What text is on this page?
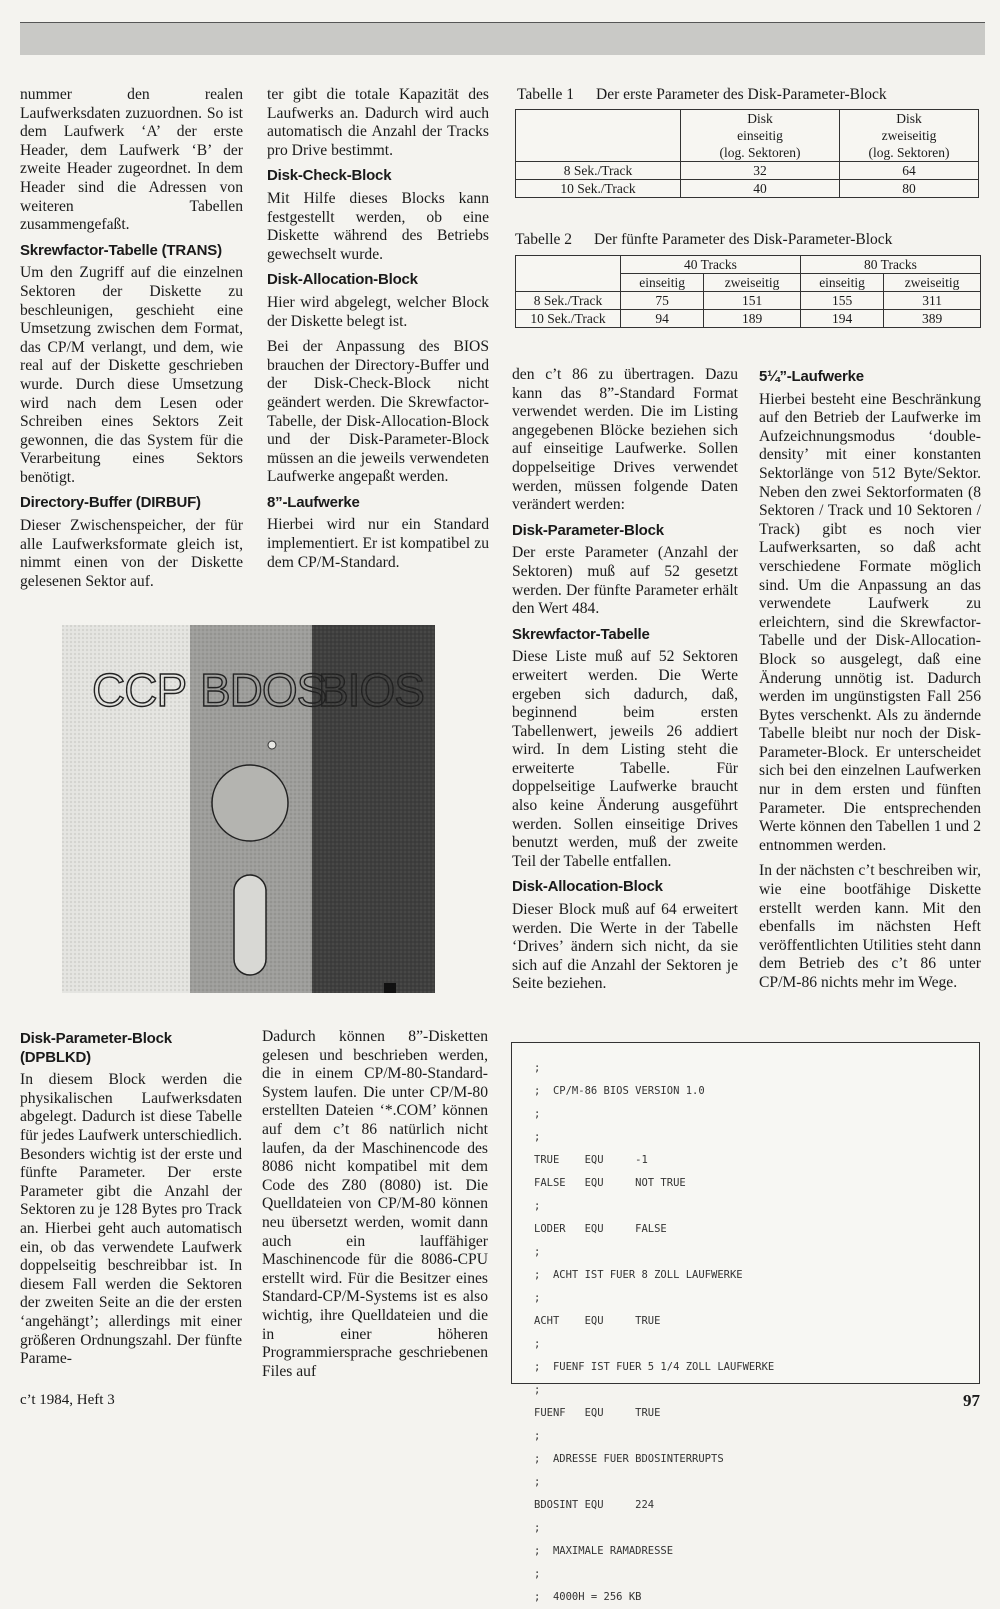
nummer den realen Laufwerksdaten zuzuordnen. So ist dem Laufwerk ‘A’ der erste Header, dem Laufwerk ‘B’ der zweite Header zugeordnet. In dem Header sind die Adressen von weiteren Tabellen zusammengefaßt.

Skrewfactor-Tabelle (TRANS)

Um den Zugriff auf die einzelnen Sektoren der Diskette zu beschleunigen, geschieht eine Umsetzung zwischen dem Format, das CP/M verlangt, und dem, wie real auf der Diskette geschrieben wurde. Durch diese Umsetzung wird nach dem Lesen oder Schreiben eines Sektors Zeit gewonnen, die das System für die Verarbeitung eines Sektors benötigt.

Directory-Buffer (DIRBUF)

Dieser Zwischenspeicher, der für alle Laufwerksformate gleich ist, nimmt einen von der Diskette gelesenen Sektor auf.

ter gibt die totale Kapazität des Laufwerks an. Dadurch wird auch automatisch die Anzahl der Tracks pro Drive bestimmt.

Disk-Check-Block

Mit Hilfe dieses Blocks kann festgestellt werden, ob eine Diskette während des Betriebs gewechselt wurde.

Disk-Allocation-Block

Hier wird abgelegt, welcher Block der Diskette belegt ist.

Bei der Anpassung des BIOS brauchen der Directory-Buffer und der Disk-Check-Block nicht geändert werden. Die Skrewfactor-Tabelle, der Disk-Allocation-Block und der Disk-Parameter-Block müssen an die jeweils verwendeten Laufwerke angepaßt werden.

8”-Laufwerke

Hierbei wird nur ein Standard implementiert. Er ist kompatibel zu dem CP/M-Standard.

den c’t 86 zu übertragen. Dazu kann das 8”-Standard Format verwendet werden. Die im Listing angegebenen Blöcke beziehen sich auf einseitige Laufwerke. Sollen doppelseitige Drives verwendet werden, müssen folgende Daten verändert werden:

Disk-Parameter-Block

Der erste Parameter (Anzahl der Sektoren) muß auf 52 gesetzt werden. Der fünfte Parameter erhält den Wert 484.

Skrewfactor-Tabelle

Diese Liste muß auf 52 Sektoren erweitert werden. Die Werte ergeben sich dadurch, daß, beginnend beim ersten Tabellenwert, jeweils 26 addiert wird. In dem Listing steht die erweiterte Tabelle. Für doppelseitige Laufwerke braucht also keine Änderung ausgeführt werden. Sollen einseitige Drives benutzt werden, muß der zweite Teil der Tabelle entfallen.

Disk-Allocation-Block

Dieser Block muß auf 64 erweitert werden. Die Werte in der Tabelle ‘Drives’ ändern sich nicht, da sie sich auf die Anzahl der Sektoren je Seite beziehen.

5¼”-Laufwerke

Hierbei besteht eine Beschränkung auf den Betrieb der Laufwerke im Aufzeichnungsmodus ‘double-density’ mit einer konstanten Sektorlänge von 512 Byte/Sektor. Neben den zwei Sektorformaten (8 Sektoren / Track und 10 Sektoren / Track) gibt es noch vier Laufwerksarten, so daß acht verschiedene Formate möglich sind. Um die Anpassung an das verwendete Laufwerk zu erleichtern, sind die Skrewfactor-Tabelle und der Disk-Allocation-Block so ausgelegt, daß eine Änderung unnötig ist. Dadurch werden im ungünstigsten Fall 256 Bytes verschenkt. Als zu ändernde Tabelle bleibt nur noch der Disk-Parameter-Block. Er unterscheidet sich bei den einzelnen Laufwerken nur in dem ersten und fünften Parameter. Die entsprechenden Werte können den Tabellen 1 und 2 entnommen werden.

In der nächsten c’t beschreiben wir, wie eine bootfähige Diskette erstellt werden kann. Mit den ebenfalls im nächsten Heft veröffentlichten Utilities steht dann dem Betrieb des c’t 86 unter CP/M-86 nichts mehr im Wege.

Disk-Parameter-Block (DPBLKD)

In diesem Block werden die physikalischen Laufwerksdaten abgelegt. Dadurch ist diese Tabelle für jedes Laufwerk unterschiedlich. Besonders wichtig ist der erste und fünfte Parameter. Der erste Parameter gibt die Anzahl der Sektoren zu je 128 Bytes pro Track an. Hierbei geht auch automatisch ein, ob das verwendete Laufwerk doppelseitig beschreibbar ist. In diesem Fall werden die Sektoren der zweiten Seite an die der ersten ‘angehängt’; allerdings mit einer größeren Ordnungszahl. Der fünfte Parame-

Dadurch können 8”-Disketten gelesen und beschrieben werden, die in einem CP/M-80-Standard-System laufen. Die unter CP/M-80 erstellten Dateien ‘*.COM’ können auf dem c’t 86 natürlich nicht laufen, da der Maschinencode des 8086 nicht kompatibel mit dem Code des Z80 (8080) ist. Die Quelldateien von CP/M-80 können neu übersetzt werden, womit dann auch ein lauffähiger Maschinencode für die 8086-CPU erstellt wird. Für die Besitzer eines Standard-CP/M-Systems ist es also wichtig, ihre Quelldateien und die in einer höheren Programmiersprache geschriebenen Files auf

Tabelle 1 Der erste Parameter des Disk-Parameter-Block
	Disk
einseitig
(log. Sektoren)	Disk
zweiseitig
(log. Sektoren)
8 Sek./Track	32	64
10 Sek./Track	40	80
Tabelle 2 Der fünfte Parameter des Disk-Parameter-Block
	40 Tracks		80 Tracks	
	einseitig	zweiseitig	einseitig	zweiseitig
8 Sek./Track	75	151	155	311
10 Sek./Track	94	189	194	389
CCP BDOS
BIOS
;
;  CP/M-86 BIOS VERSION 1.0
;
;
TRUE    EQU     -1
FALSE   EQU     NOT TRUE
;
LODER   EQU     FALSE
;
;  ACHT IST FUER 8 ZOLL LAUFWERKE
;
ACHT    EQU     TRUE
;
;  FUENF IST FUER 5 1/4 ZOLL LAUFWERKE
;
FUENF   EQU     TRUE
;
;  ADRESSE FUER BDOSINTERRUPTS
;
BDOSINT EQU     224
;
;  MAXIMALE RAMADRESSE
;
;  4000H = 256 KB
c’t 1984, Heft 3	97
